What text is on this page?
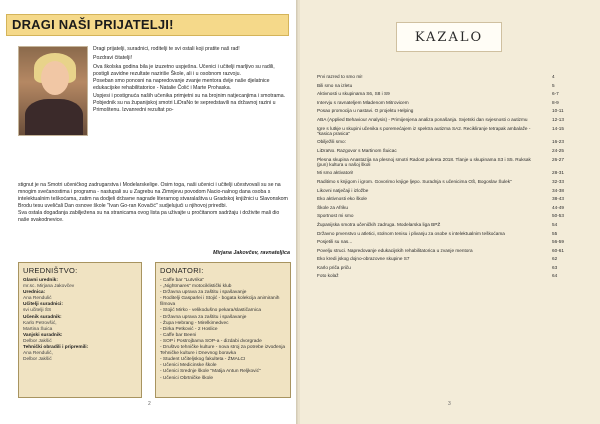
DRAGI NAŠI PRIJATELJI!

Dragi prijatelji, suradnici, roditelji te svi ostali koji pratite naš rad!

Pozdravi čitatelji!

Ova školska godina bila je izuzetno uspješna. Učenici i učitelji marljivo su radili, postigli zavidne rezultate naziriše Škole, ali i u osobnom razvoju.

Poseban smo ponosni na napredovanje zvanje mentora dvije naše djelatnice edukacijske rehabilitatorice - Natalie Čolić i Marte Prohaska.

Uspjesi i postignuća naših učenika primjetni su na brojnim natjecanjima i smotrama. Pobjednik su na županijskoj smotri LiDraNo te sepredstavili na državnoj razini u Primoštenu. Izvanredni rezultat po-

stignut je na Smotri učeničkog zadrugarstva i Modelarskelige. Osim toga, naši učenici i učitelji učestvovali su se na mnogim svečanostima i programa - nastupali su u Zagrebu na Zimnjevu povodom Nacio-nalnog dana osoba s intelektualnim teškoćama, zatim na dodjeli državne nagrade literarnog stvaralaštva u Gradskoj knjižnici u Slavonskom Brodu tesu uveličali Dan osnove škole "Ivan Go-ran Kovačić" sudjelujući u njihovoj priredbi.

Sva ostala događanja zabilježena su na stranicama ovog lista pa uživajte u pročitanom sadržaju i doživite mali dio naše svakodnevice.

Mirjana Jakovčev, ravnateljica
UREDNIŠTVO:
Glavni urednik:
mr.sc. Mirjana Jakovčev
Urednica:
Ana Rendulić
Učitelji suradnici:
svi učitelji ŠS
Učenik suradnik:
Karlo Petrovšić,
Martina Šuica
Vanjski suradnik:
Delbor Jakšić
Tehnički obradili i pripremili:
Ana Rendulić,
Delbor Jakšić
DONATORI:
- Caffe bar "Lutvrika"
- „Nightmares“ motociklistički klub
- Državna uprava za zaštitu i spašavanje
- Roditelji Gasparlei i Stojić - bogata kolekcija animiranih filmova
- Stojić Mirko - velikodušno pekara/slastičarnica
- Državna uprava za zaštitu i spašavanje
- Župa Hebrang - Mirelkimedvec
- Dirka Petković - 2 Hoslice
- Caffe bar Beeni
- SOP i Postrojbama SOP-a - dizdabi dvorgrade
- Društvo tehničke kulture - nova stroj za potrebe izvođenja Tehničke kulture i Dnevnog boravka
- Student Učiteljskog fakulteta - ŽMALCI
- Učenici Medicinske škole
- Učenici Srednje škole "Matija Antun Reljković"
- Učenici Obrtničke škole
2
KAZALO
Prvi razred to smo mi!	4
Bili smo na izletu	5
Aktivnosti u skupinama S6, S8 i S9	6-7
Intervju s ravnateljem Mladenom Mitrovicem	8-9
Posao promocija u nastavi. O projektu Helping	10-11
ABA (Applied Behaviour Analysis) - Primijenjena analiza ponašanja. Svjetski dan svjesnosti o autizmu	12-13
Igre s lutkje u skupini učenika s poremećajem iz spektra autizma SA2. Recikliranje tetrapak ambalaže - "kasica prasica"
14-15
Obilježili smo:	16-23
LiDraNo. Razgovor s Martinom Šuicac	24-25
Plesna skupina Anastazija na plesnoj smotri Radost pokreta 2018. Tlanje u skupinama S3 i S5. Ruksak (pun) kultura u našoj školi
26-27
Mi smo aktivatori!	28-31
Raditimo s knjigom i igrom. Govorimo knjige ljepo. Suradnja s učenicima OŠ, Bogoslav Šulek"	32-33
Likovni natječaji i izložbe	34-38
Eko aktivnosti eko škole	38-43
Škole za Afriku	44-49
Sportnost mi smo	50-53
Županijska smotra učeničkih zadruga. Modelarska liga BPŽ	54
Državno prvenstvo u atletici, stolnom tenisu i plivanju za osobe s intelektualnim teškoćama	55
Posjetili su nas...	56-59
Povelju struci. Napredovanje edukacijskih rehabilitatorica u zvanje mentora	60-61
Eko kredi jskog dojno-obrazovne skupine S7	62
Karlo priča priču	63
Foto kolaž	64
3
